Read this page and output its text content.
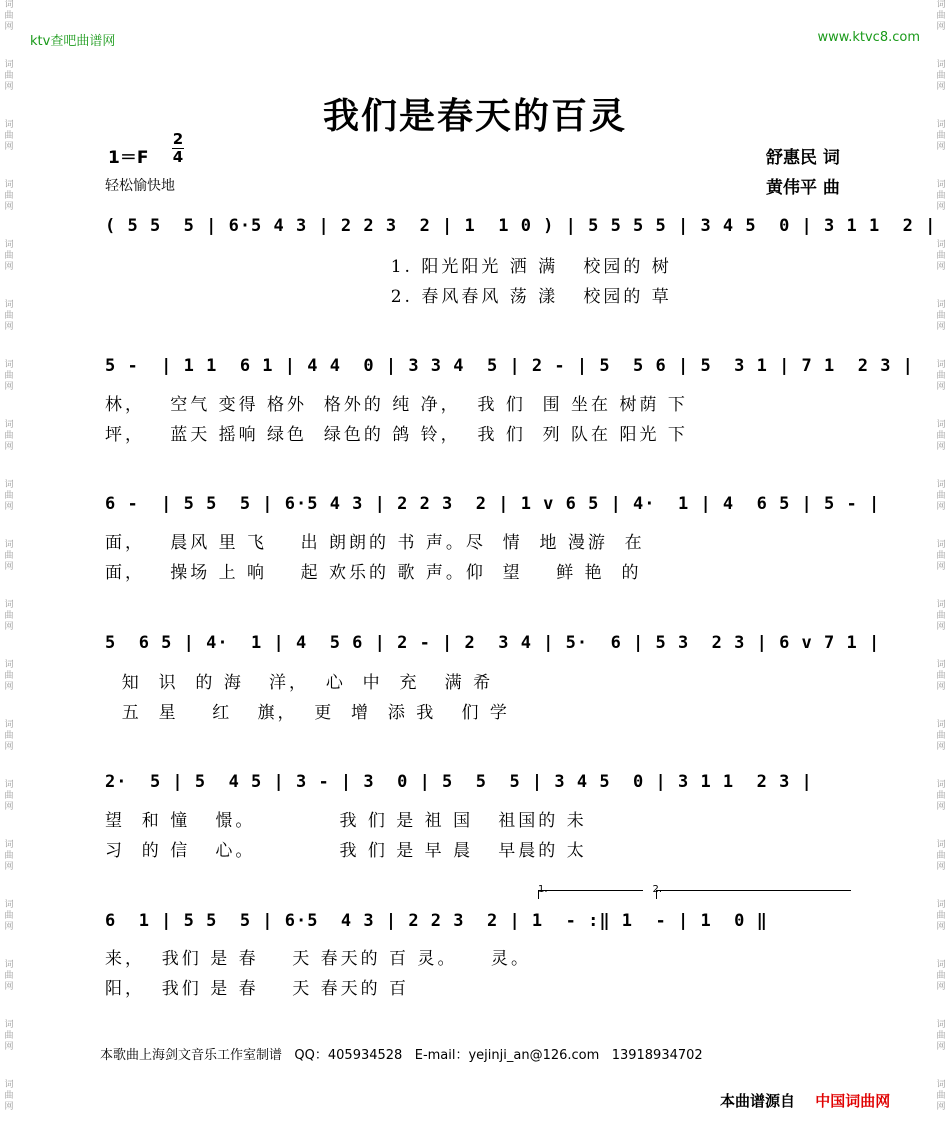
词
曲
网
词
曲
网
词
曲
网
词
曲
网
词
曲
网
词
曲
网
词
曲
网
词
曲
网
词
曲
网
词
曲
网
词
曲
网
词
曲
网
词
曲
网
词
曲
网
词
曲
网
词
曲
网
词
曲
网
词
曲
网
词
曲
网
词
曲
网
词
曲
网
词
曲
网
词
曲
网
词
曲
网
词
曲
网
词
曲
网
词
曲
网
词
曲
网
词
曲
网
词
曲
网
词
曲
网
词
曲
网
词
曲
网
词
曲
网
词
曲
网
词
曲
网
词
曲
网
词
曲
网
ktv查吧曲谱网	www.ktvc8.com
我们是春天的百灵
1＝F
2
4
轻松愉快地
舒惠民 词
黄伟平 曲
( 5 5  5 | 6·5 4 3 | 2 2 3  2 | 1  1 0 ) | 5 5 5 5 | 3 4 5  0 | 3 1 1  2 |
1. 阳光阳光 洒 满   校园的 树
2. 春风春风 荡 漾   校园的 草
5 -  | 1 1  6 1 | 4 4  0 | 3 3 4  5 | 2 - | 5  5 6 | 5  3 1 | 7 1  2 3 |
林，   空气 变得 格外  格外的 纯 净，  我 们  围 坐在 树荫 下
坪，   蓝天 摇响 绿色  绿色的 鸽 铃，  我 们  列 队在 阳光 下
6 -  | 5 5  5 | 6·5 4 3 | 2 2 3  2 | 1 v 6 5 | 4·  1 | 4  6 5 | 5 - |
面，   晨风 里 飞    出 朗朗的 书 声。尽  情  地 漫游  在
面，   操场 上 响    起 欢乐的 歌 声。仰  望    鲜 艳  的
5  6 5 | 4·  1 | 4  5 6 | 2 - | 2  3 4 | 5·  6 | 5 3  2 3 | 6 v 7 1 |
知  识  的 海   洋，  心  中  充   满 希
五  星    红   旗，  更  增  添 我   们 学
2·  5 | 5  4 5 | 3 - | 3  0 | 5  5  5 | 3 4 5  0 | 3 1 1  2 3 |
望  和 憧   憬。          我 们 是 祖 国   祖国的 未
习  的 信   心。          我 们 是 早 晨   早晨的 太
1.	2.
6  1 | 5 5  5 | 6·5  4 3 | 2 2 3  2 | 1  - :‖ 1  - | 1  0 ‖
来，  我们 是 春    天 春天的 百 灵。    灵。
阳，  我们 是 春    天 春天的 百
本歌曲上海剑文音乐工作室制谱 QQ：405934528 E-mail：yejinji_an@126.com 13918934702
本曲谱源自　 中国词曲网
